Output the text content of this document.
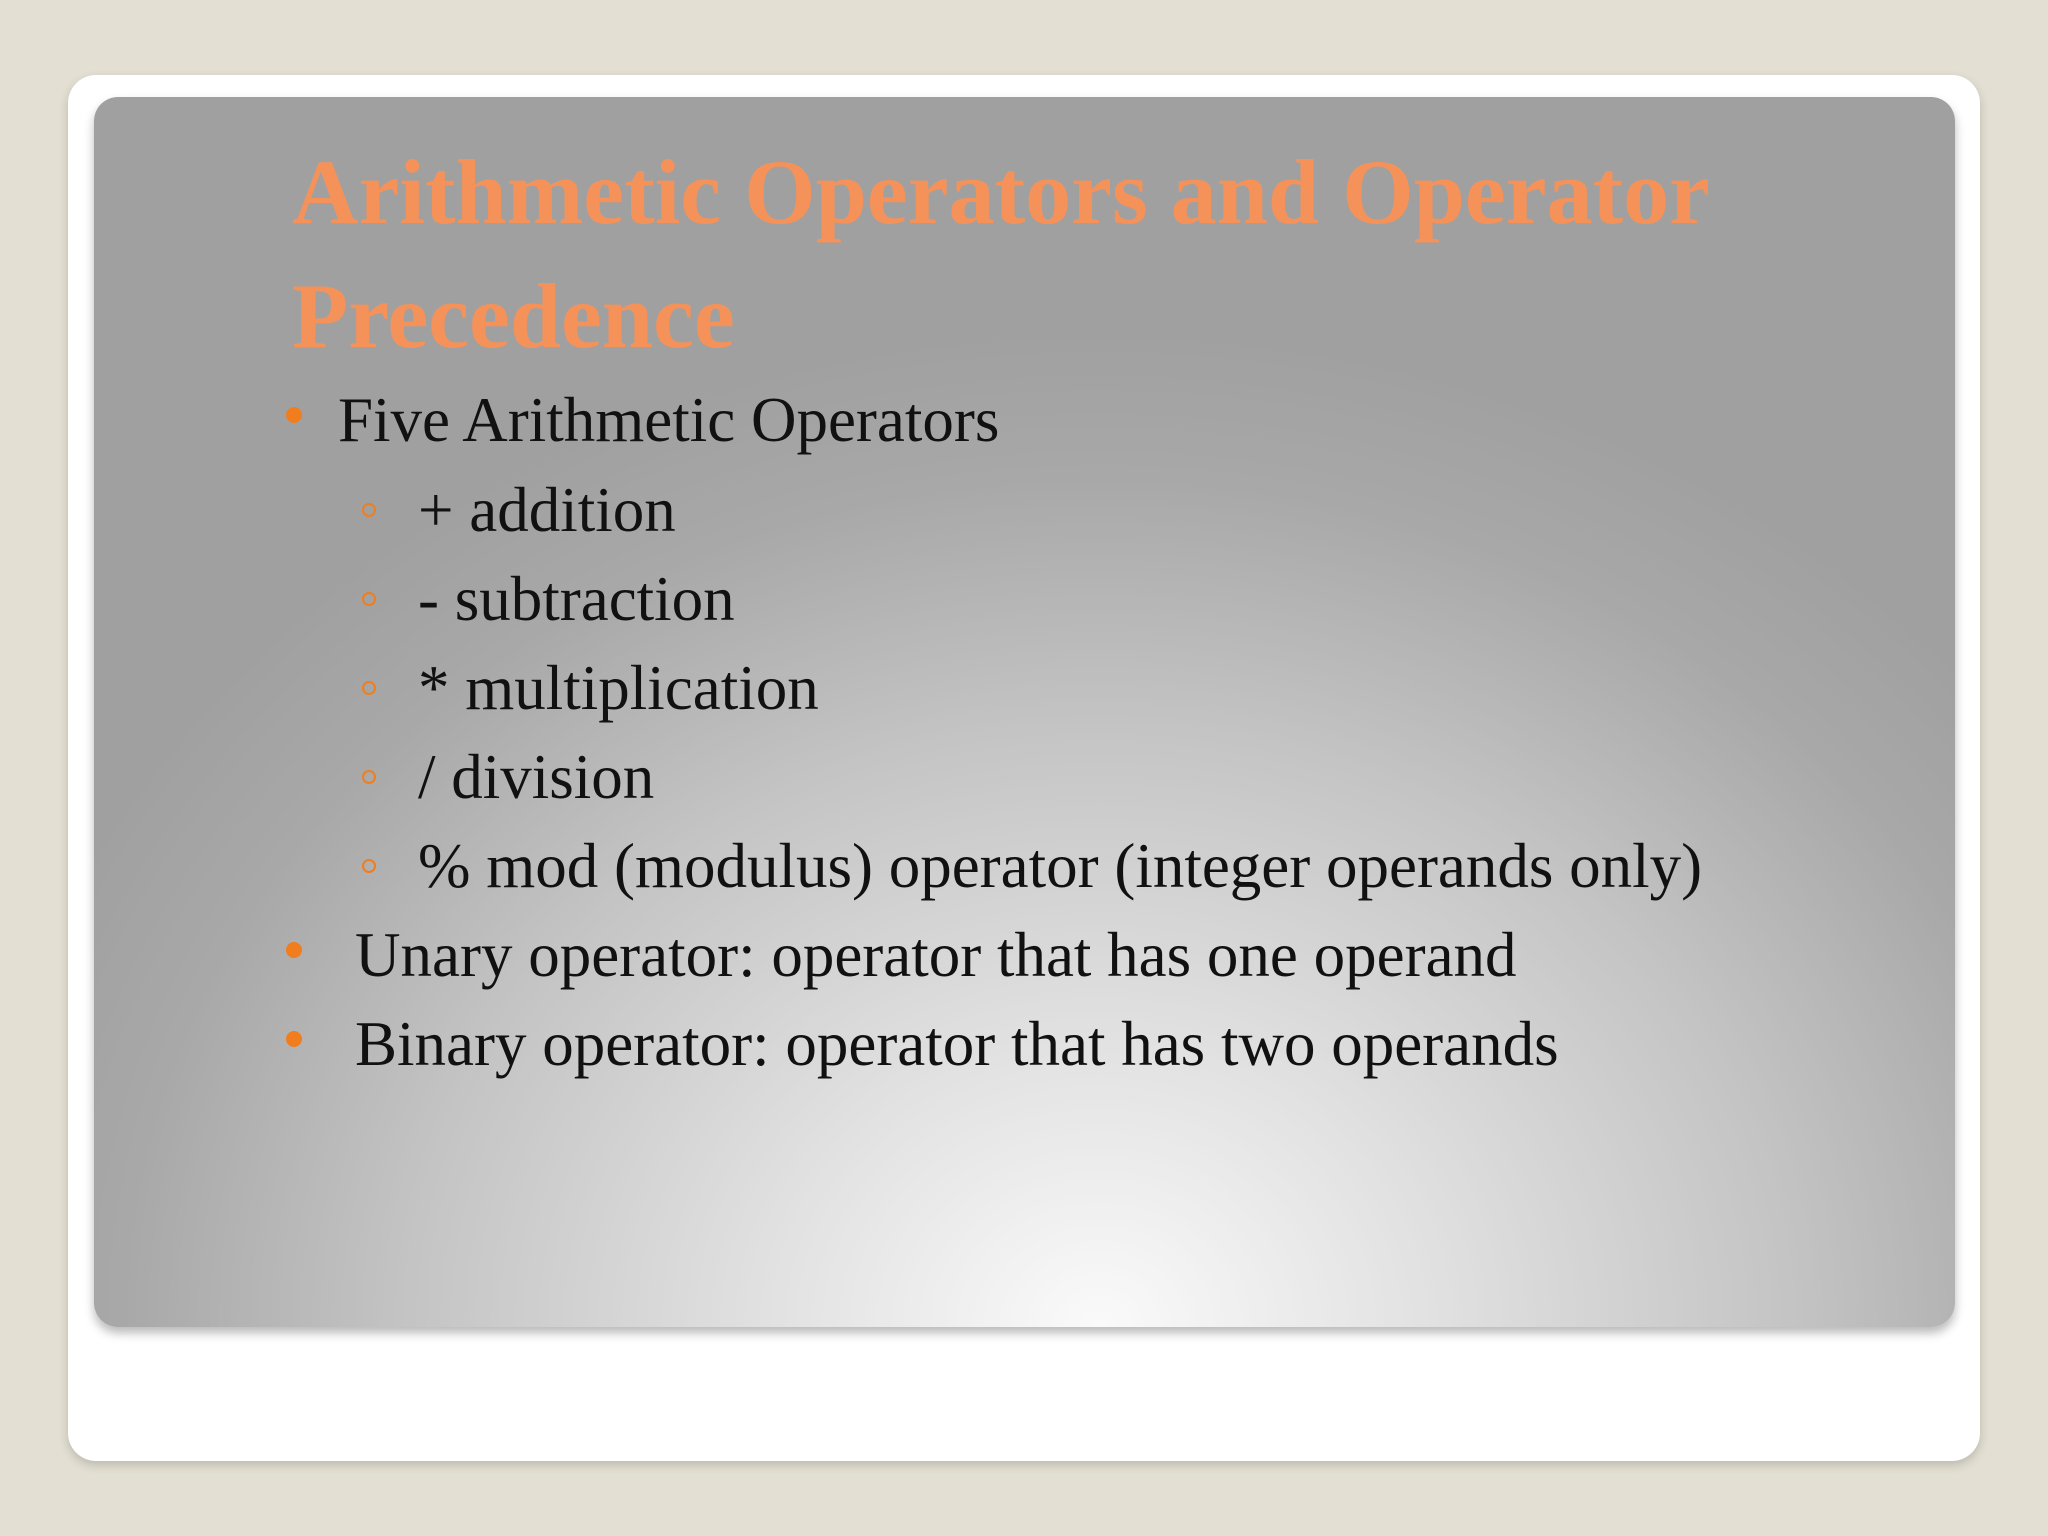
Arithmetic Operators and Operator
Precedence
Five Arithmetic Operators
+ addition
- subtraction
* multiplication
/ division
% mod (modulus) operator (integer operands only)
Unary operator: operator that has one operand
Binary operator: operator that has two operands
